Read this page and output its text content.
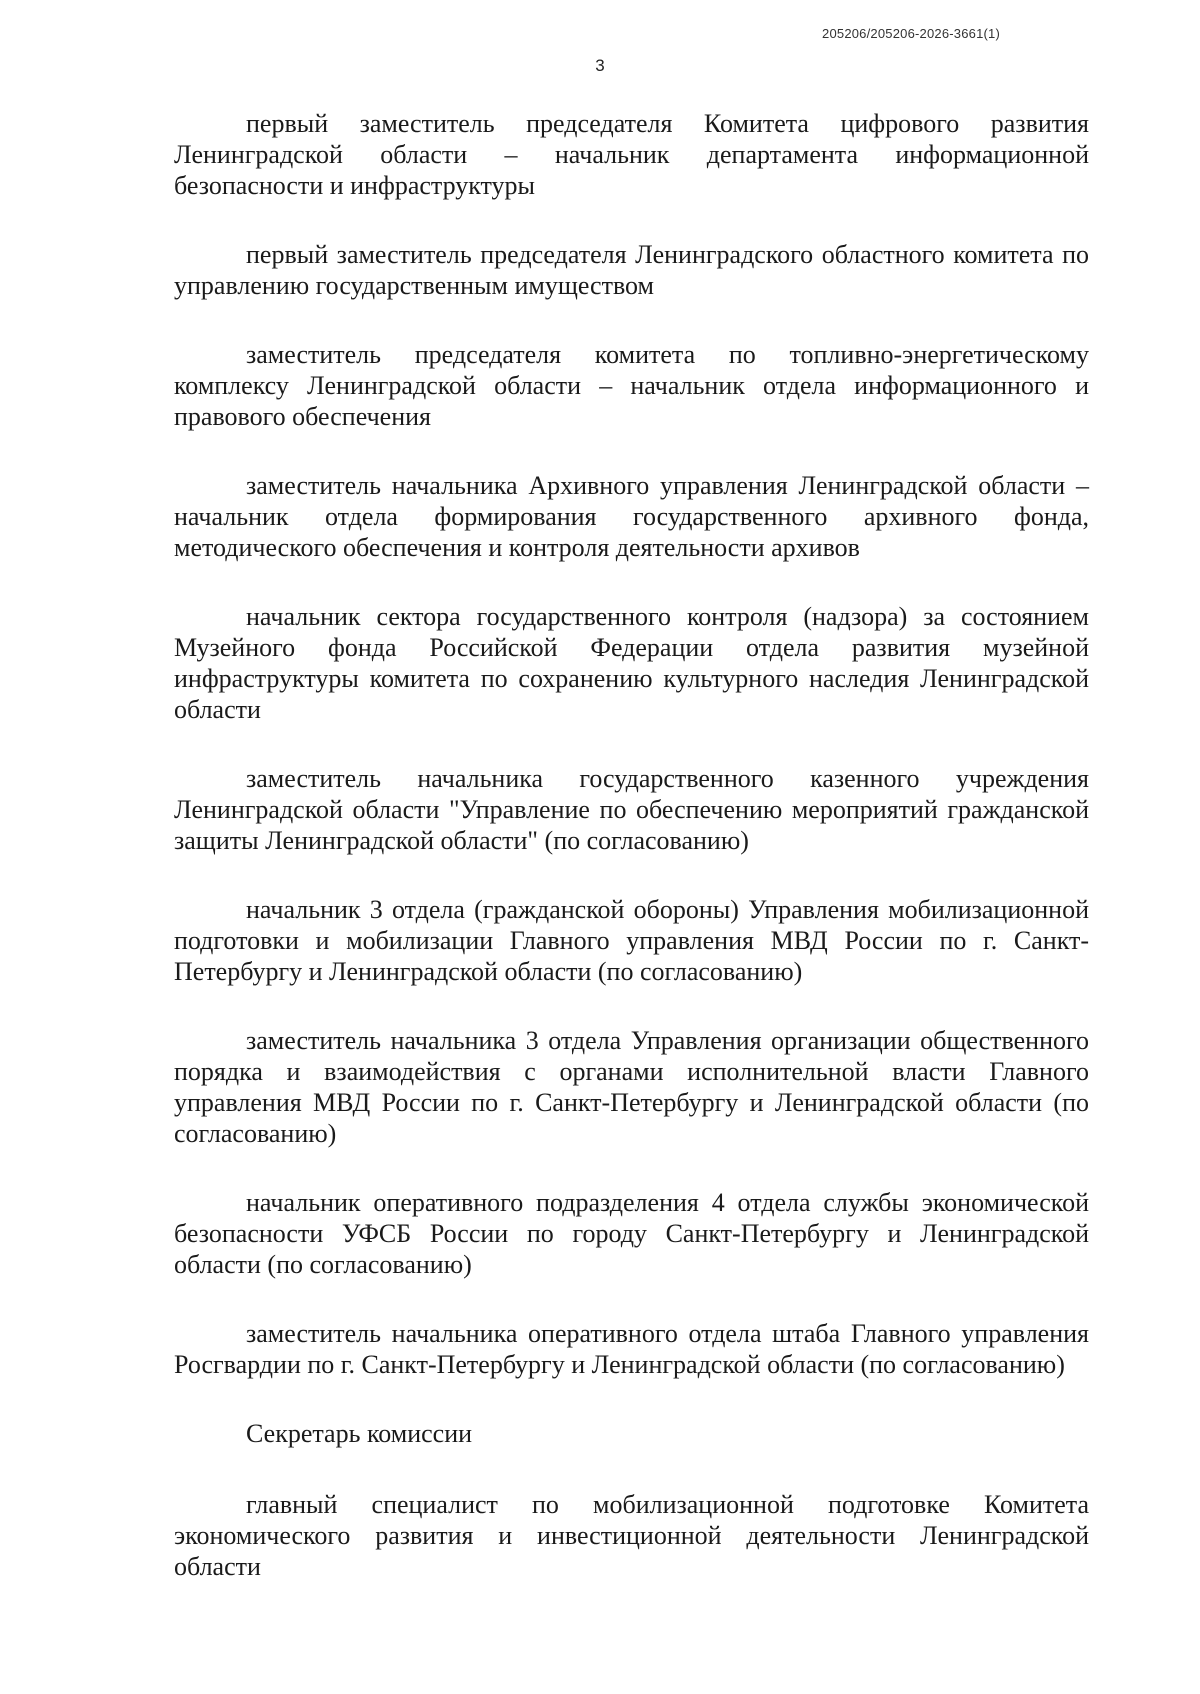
205206/205206-2026-3661(1)
3

первый заместитель председателя Комитета цифрового развития Ленинградской области – начальник департамента информационной безопасности и инфраструктуры

первый заместитель председателя Ленинградского областного комитета по управлению государственным имуществом

заместитель председателя комитета по топливно-энергетическому комплексу Ленинградской области – начальник отдела информационного и правового обеспечения

заместитель начальника Архивного управления Ленинградской области – начальник отдела формирования государственного архивного фонда, методического обеспечения и контроля деятельности архивов

начальник сектора государственного контроля (надзора) за состоянием Музейного фонда Российской Федерации отдела развития музейной инфраструктуры комитета по сохранению культурного наследия Ленинградской области

заместитель начальника государственного казенного учреждения Ленинградской области "Управление по обеспечению мероприятий гражданской защиты Ленинградской области" (по согласованию)

начальник 3 отдела (гражданской обороны) Управления мобилизационной подготовки и мобилизации Главного управления МВД России по г. Санкт-Петербургу и Ленинградской области (по согласованию)

заместитель начальника 3 отдела Управления организации общественного порядка и взаимодействия с органами исполнительной власти Главного управления МВД России по г. Санкт-Петербургу и Ленинградской области (по согласованию)

начальник оперативного подразделения 4 отдела службы экономической безопасности УФСБ России по городу Санкт-Петербургу и Ленинградской области (по согласованию)

заместитель начальника оперативного отдела штаба Главного управления Росгвардии по г. Санкт-Петербургу и Ленинградской области (по согласованию)

Секретарь комиссии

главный специалист по мобилизационной подготовке Комитета экономического развития и инвестиционной деятельности Ленинградской области
